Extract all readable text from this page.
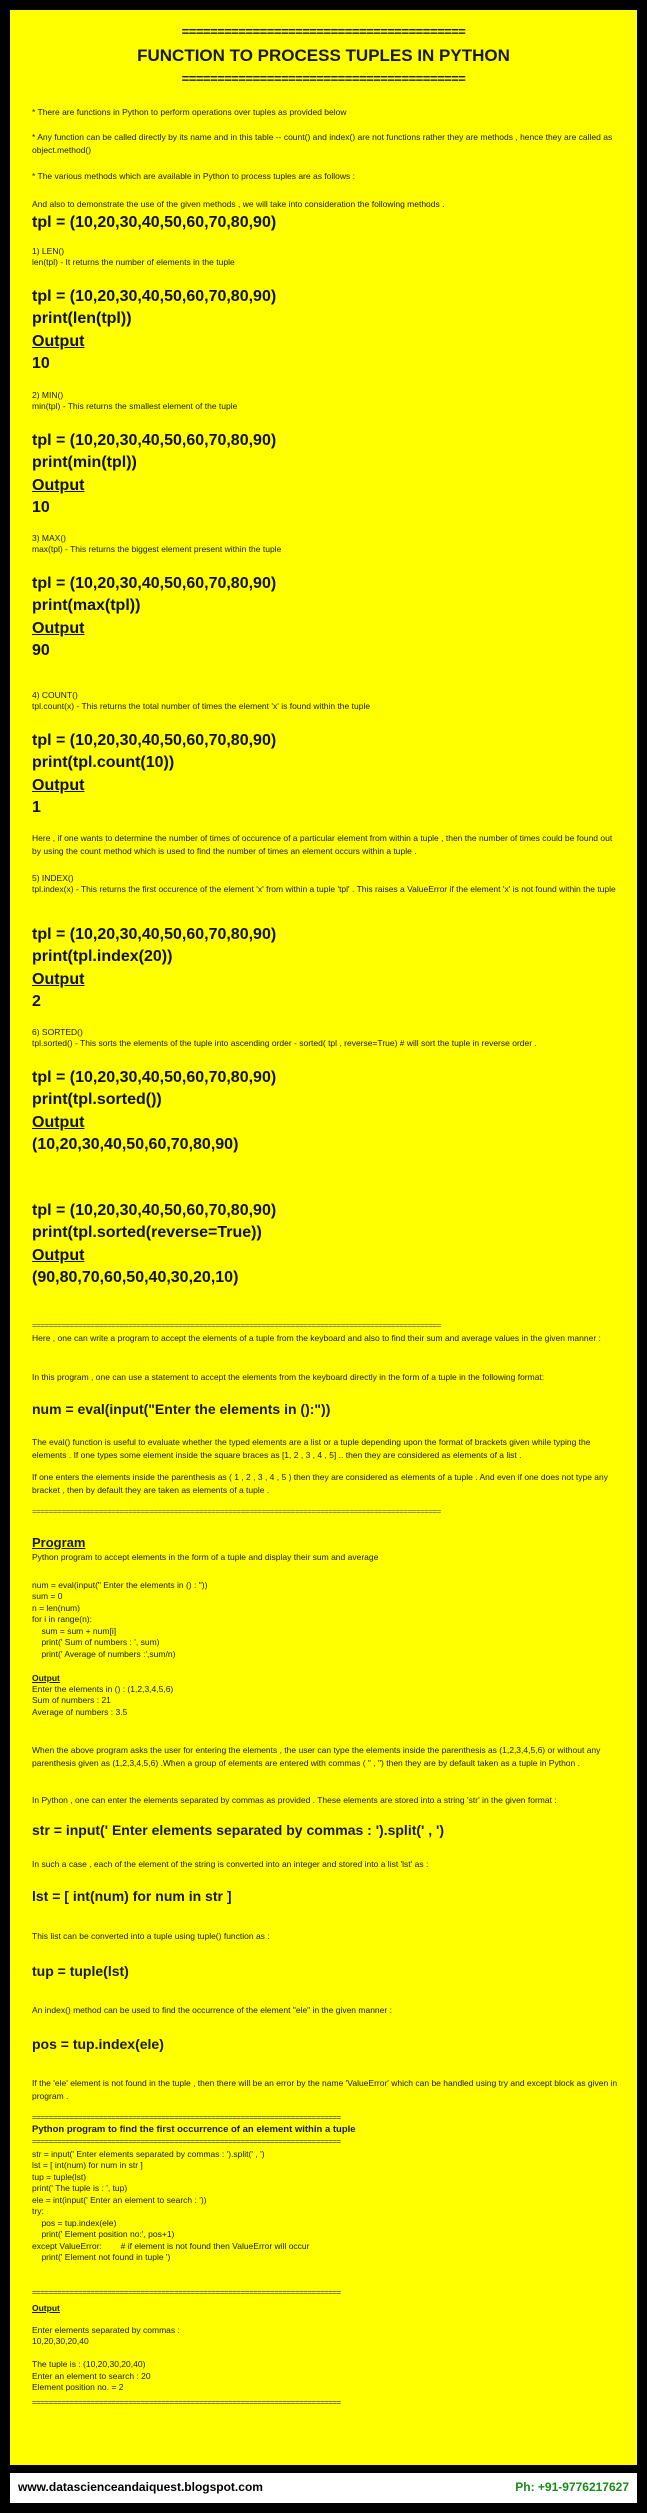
========================================
FUNCTION TO PROCESS TUPLES IN PYTHON
========================================

* There are functions in Python to perform operations over tuples as provided below

* Any function can be called directly by its name and in this table -- count() and index() are not functions rather they are methods , hence they are called as object.method()

* The various methods which are available in Python to process tuples are as follows :

And also to demonstrate the use of the given methods , we will take into consideration the following methods .

tpl = (10,20,30,40,50,60,70,80,90)
1) LEN()
len(tpl) - It returns the number of elements in the tuple
tpl = (10,20,30,40,50,60,70,80,90)
print(len(tpl))
Output
10
2) MIN()
min(tpl) - This returns the smallest element of the tuple
tpl = (10,20,30,40,50,60,70,80,90)
print(min(tpl))
Output
10
3) MAX()
max(tpl) - This returns the biggest element present within the tuple
tpl = (10,20,30,40,50,60,70,80,90)
print(max(tpl))
Output
90
4) COUNT()
tpl.count(x) - This returns the total number of times the element 'x' is found within the tuple
tpl = (10,20,30,40,50,60,70,80,90)
print(tpl.count(10))
Output
1

Here , if one wants to determine the number of times of occurence of a particular element from within a tuple , then the number of times could be found out by using the count method which is used to find the number of times an element occurs within a tuple .

5) INDEX()
tpl.index(x) - This returns the first occurence of the element 'x' from within a tuple 'tpl' . This raises a ValueError if the element 'x' is not found within the tuple
tpl = (10,20,30,40,50,60,70,80,90)
print(tpl.index(20))
Output
2
6) SORTED()
tpl.sorted() - This sorts the elements of the tuple into ascending order - sorted( tpl , reverse=True) # will sort the tuple in reverse order .
tpl = (10,20,30,40,50,60,70,80,90)
print(tpl.sorted())
Output
(10,20,30,40,50,60,70,80,90)
tpl = (10,20,30,40,50,60,70,80,90)
print(tpl.sorted(reverse=True))
Output
(90,80,70,60,50,40,30,20,10)
==================================================================================================

Here , one can write a program to accept the elements of a tuple from the keyboard and also to find their sum and average values in the given manner :

In this program , one can use a statement to accept the elements from the keyboard directly in the form of a tuple in the following format:

num = eval(input("Enter the elements in ():"))

The eval() function is useful to evaluate whether the typed elements are a list or a tuple depending upon the format of brackets given while typing the elements . If one types some element inside the square braces as [1, 2 , 3 , 4 , 5] .. then they are considered as elements of a list .

If one enters the elements inside the parenthesis as ( 1 , 2 , 3 , 4 , 5 ) then they are considered as elements of a tuple . And even if one does not type any bracket , then by default they are taken as elements of a tuple .

==================================================================================================
Program

Python program to accept elements in the form of a tuple and display their sum and average

num = eval(input(" Enter the elements in () : "))
sum = 0
n = len(num)
for i in range(n):
sum = sum + num[i]
print(' Sum of numbers : ', sum)
print(' Average of numbers :',sum/n)
Output
Enter the elements in () : (1,2,3,4,5,6)
Sum of numbers : 21
Average of numbers : 3.5

When the above program asks the user for entering the elements , the user can type the elements inside the parenthesis as (1,2,3,4,5,6) or without any parenthesis given as (1,2,3,4,5,6) .When a group of elements are entered with commas ( " , ") then they are by default taken as a tuple in Python .

In Python , one can enter the elements separated by commas as provided . These elements are stored into a string 'str' in the given format :

str = input(' Enter elements separated by commas : ').split(' , ')

In such a case , each of the element of the string is converted into an integer and stored into a list 'lst' as :

lst = [ int(num) for num in str ]

This list can be converted into a tuple using tuple() function as :

tup = tuple(lst)

An index() method can be used to find the occurrence of the element "ele" in the given manner :

pos = tup.index(ele)

If the 'ele' element is not found in the tuple , then there will be an error by the name 'ValueError' which can be handled using try and except block as given in program .

==========================================================================
Python program to find the first occurrence of an element within a tuple
==========================================================================
str = input(' Enter elements separated by commas : ').split(' , ')
lst = [ int(num) for num in str ]
tup = tuple(lst)
print(' The tuple is : ', tup)
ele = int(input(' Enter an element to search : '))
try:
pos = tup.index(ele)
print(' Element position no:', pos+1)
except ValueError:        # if element is not found then ValueError will occur
print(' Element not found in tuple ')
==========================================================================
Output
Enter elements separated by commas :
10,20,30,20,40

The tuple is : (10,20,30,20,40)
Enter an element to search : 20
Element position no. = 2
==========================================================================
www.datascienceandaiquest.blogspot.com	Ph: +91-9776217627
